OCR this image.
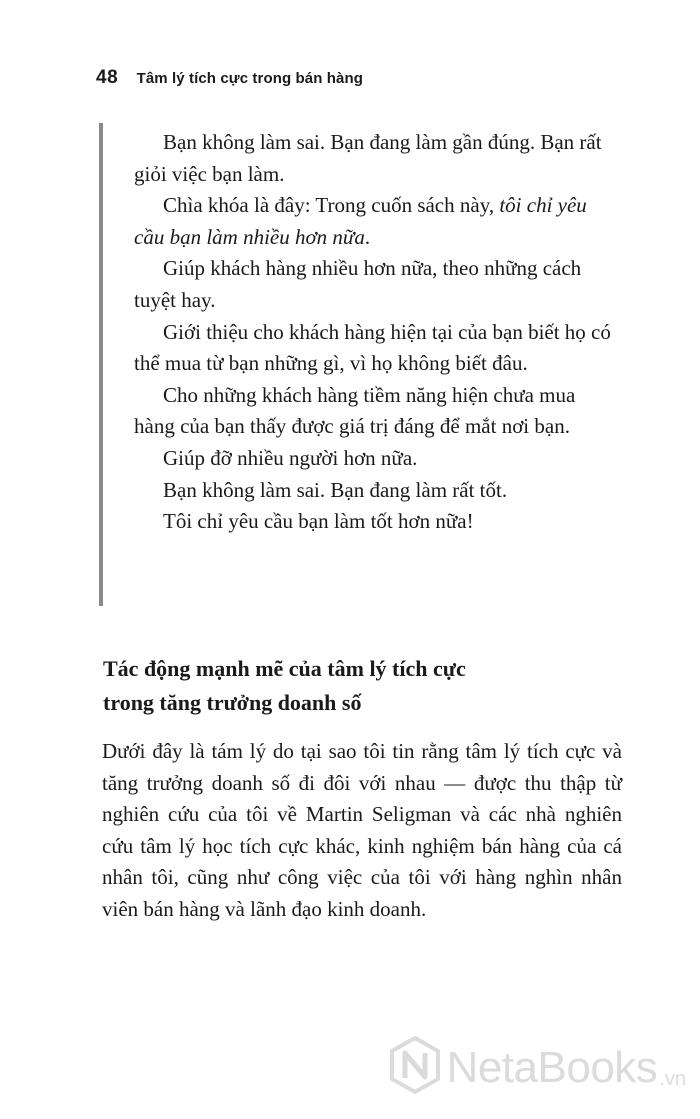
48 Tâm lý tích cực trong bán hàng

Bạn không làm sai. Bạn đang làm gần đúng. Bạn rất giỏi việc bạn làm.

Chìa khóa là đây: Trong cuốn sách này, tôi chỉ yêu cầu bạn làm nhiều hơn nữa.

Giúp khách hàng nhiều hơn nữa, theo những cách tuyệt hay.

Giới thiệu cho khách hàng hiện tại của bạn biết họ có thể mua từ bạn những gì, vì họ không biết đâu.

Cho những khách hàng tiềm năng hiện chưa mua hàng của bạn thấy được giá trị đáng để mắt nơi bạn.

Giúp đỡ nhiều người hơn nữa.

Bạn không làm sai. Bạn đang làm rất tốt.

Tôi chỉ yêu cầu bạn làm tốt hơn nữa!

Tác động mạnh mẽ của tâm lý tích cực
trong tăng trưởng doanh số

Dưới đây là tám lý do tại sao tôi tin rằng tâm lý tích cực và tăng trưởng doanh số đi đôi với nhau — được thu thập từ nghiên cứu của tôi về Martin Seligman và các nhà nghiên cứu tâm lý học tích cực khác, kinh nghiệm bán hàng của cá nhân tôi, cũng như công việc của tôi với hàng nghìn nhân viên bán hàng và lãnh đạo kinh doanh.

NetaBooks .vn
